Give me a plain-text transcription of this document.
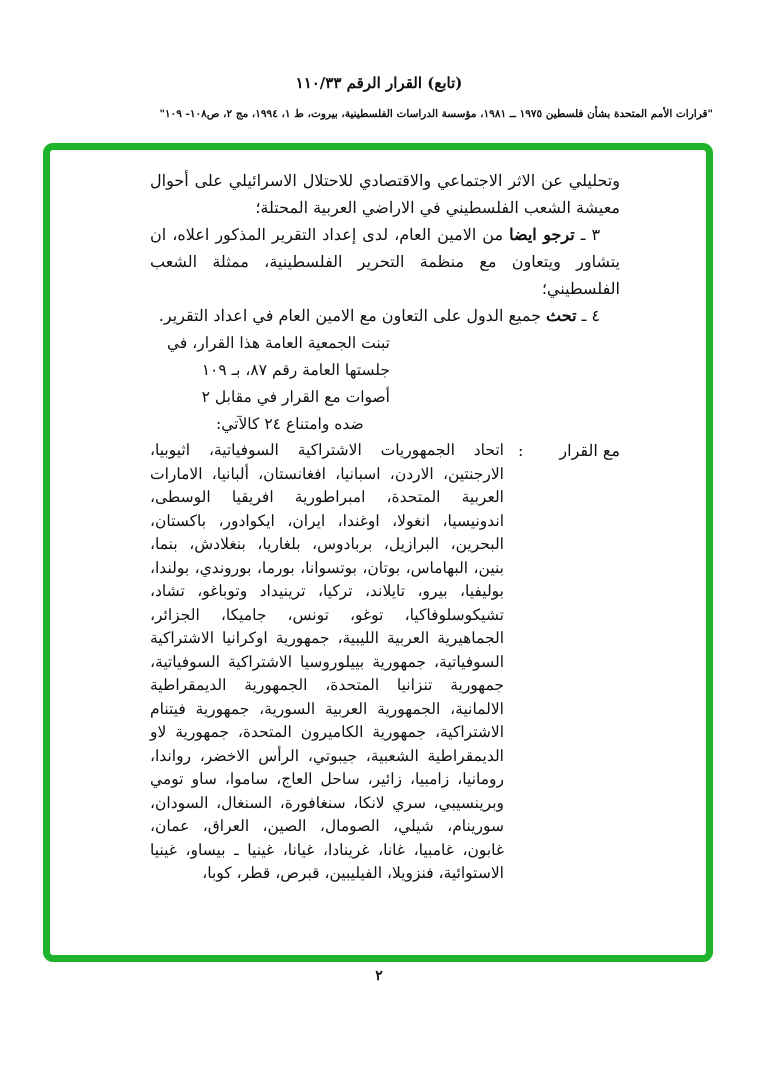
(تابع) القرار الرقم ١١٠/٣٣
"قرارات الأمم المتحدة بشأن فلسطين ١٩٧٥ ــ ١٩٨١، مؤسسة الدراسات الفلسطينية، بيروت، ط ١، ١٩٩٤، مج ٢، ص١٠٨- ١٠٩"

وتحليلي عن الاثر الاجتماعي والاقتصادي للاحتلال الاسرائيلي على أحوال معيشة الشعب الفلسطيني في الاراضي العربية المحتلة؛

٣ ـ ترجو ايضا من الامين العام، لدى إعداد التقرير المذكور اعلاه، ان يتشاور ويتعاون مع منظمة التحرير الفلسطينية، ممثلة الشعب الفلسطيني؛

٤ ـ تحث جميع الدول على التعاون مع الامين العام في اعداد التقرير.

تبنت الجمعية العامة هذا القرار، في
جلستها العامة رقم ٨٧، بـ ١٠٩
أصوات مع القرار في مقابل ٢
ضده وامتناع ٢٤ كالآتي:
مع القرار
:
اتحاد الجمهوريات الاشتراكية السوفياتية، اثيوبيا، الارجنتين، الاردن، اسبانيا، افغانستان، ألبانيا، الامارات العربية المتحدة، امبراطورية افريقيا الوسطى، اندونيسيا، انغولا، اوغندا، ايران، ايكوادور، باكستان، البحرين، البرازيل، بربادوس، بلغاريا، بنغلادش، بنما، بنين، البهاماس، بوتان، بوتسوانا، بورما، بوروندي، بولندا، بوليفيا، بيرو، تايلاند، تركيا، ترينيداد وتوباغو، تشاد، تشيكوسلوفاكيا، توغو، تونس، جاميكا، الجزائر، الجماهيرية العربية الليبية، جمهورية اوكرانيا الاشتراكية السوفياتية، جمهورية بييلوروسيا الاشتراكية السوفياتية، جمهورية تنزانيا المتحدة، الجمهورية الديمقراطية الالمانية، الجمهورية العربية السورية، جمهورية فيتنام الاشتراكية، جمهورية الكاميرون المتحدة، جمهورية لاو الديمقراطية الشعبية، جيبوتي، الرأس الاخضر، رواندا، رومانيا، زامبيا، زائير، ساحل العاج، ساموا، ساو تومي وبرينسيبي، سري لانكا، سنغافورة، السنغال، السودان، سورينام، شيلي، الصومال، الصين، العراق، عمان، غابون، غامبيا، غانا، غرينادا، غيانا، غينيا ـ بيساو، غينيا الاستوائية، فنزويلا، الفيليبين، قبرص، قطر، كوبا،
٢
